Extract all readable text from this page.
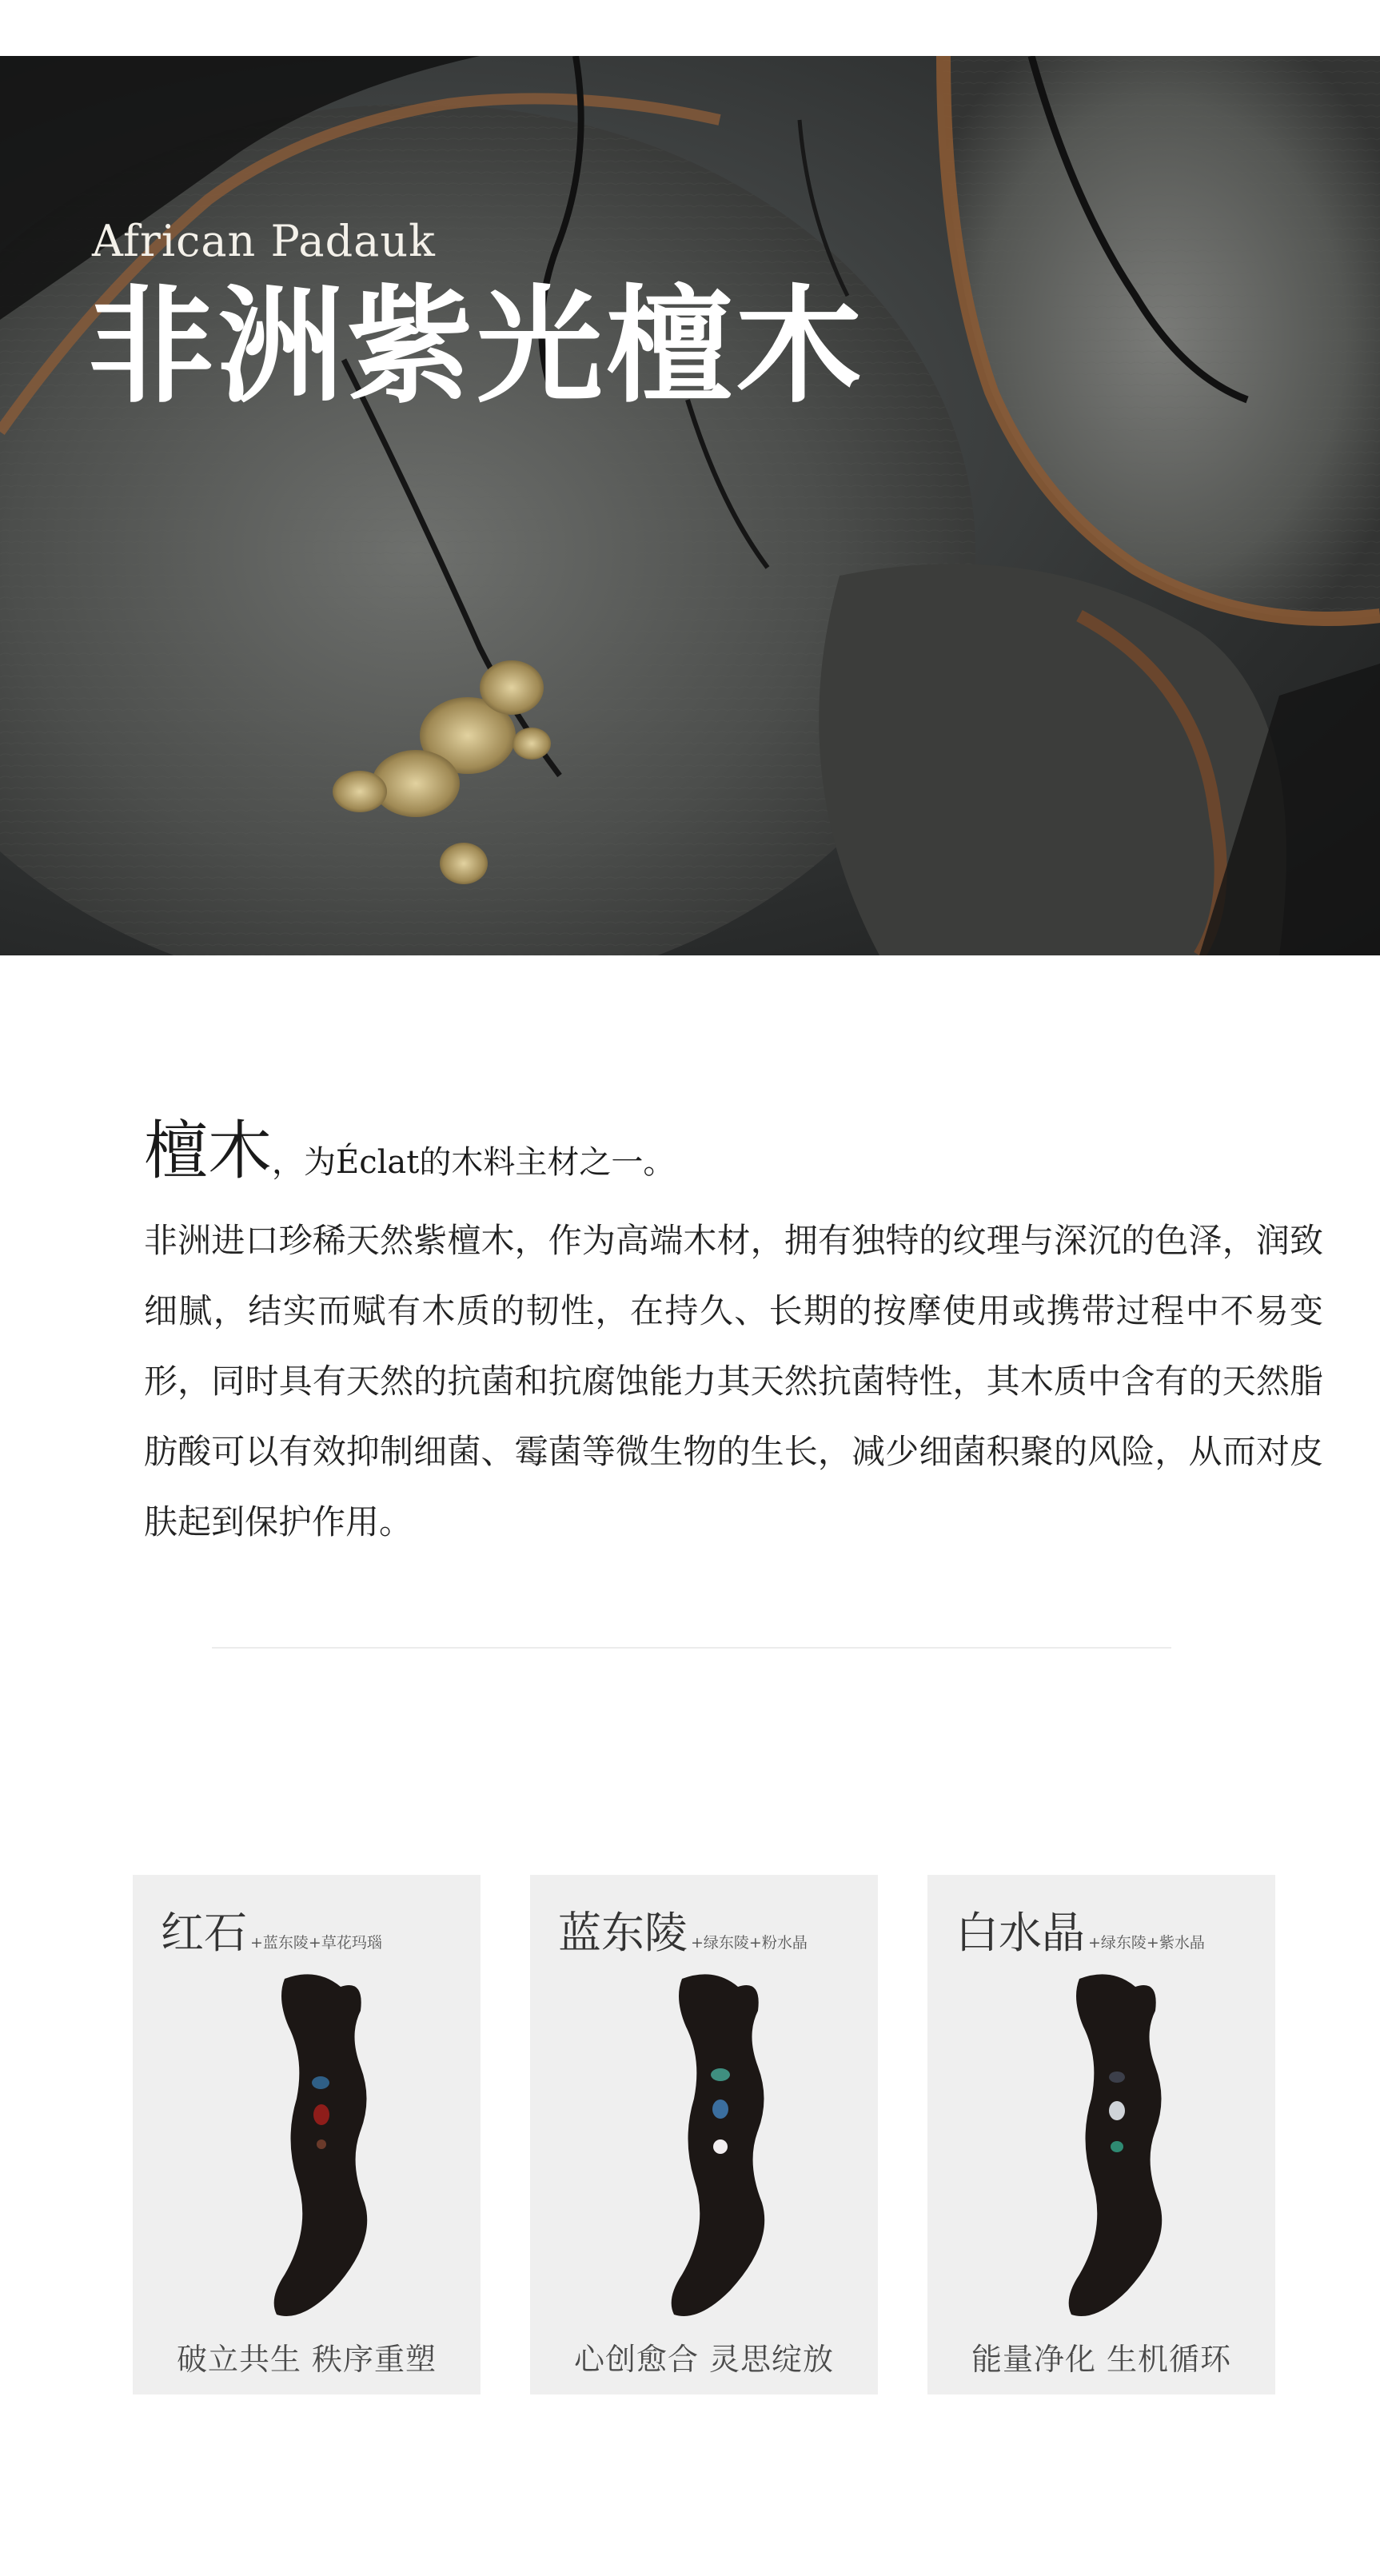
African Padauk
非洲紫光檀木
檀木，为Éclat的木料主材之一。
非洲进口珍稀天然紫檀木，作为高端木材，拥有独特的纹理与深沉的色泽，润致细腻，结实而赋有木质的韧性，在持久、长期的按摩使用或携带过程中不易变形，同时具有天然的抗菌和抗腐蚀能力其天然抗菌特性，其木质中含有的天然脂肪酸可以有效抑制细菌、霉菌等微生物的生长，减少细菌积聚的风险，从而对皮肤起到保护作用。
红石 +蓝东陵+草花玛瑙
破立共生 秩序重塑
蓝东陵 +绿东陵+粉水晶
心创愈合 灵思绽放
白水晶 +绿东陵+紫水晶
能量净化 生机循环
